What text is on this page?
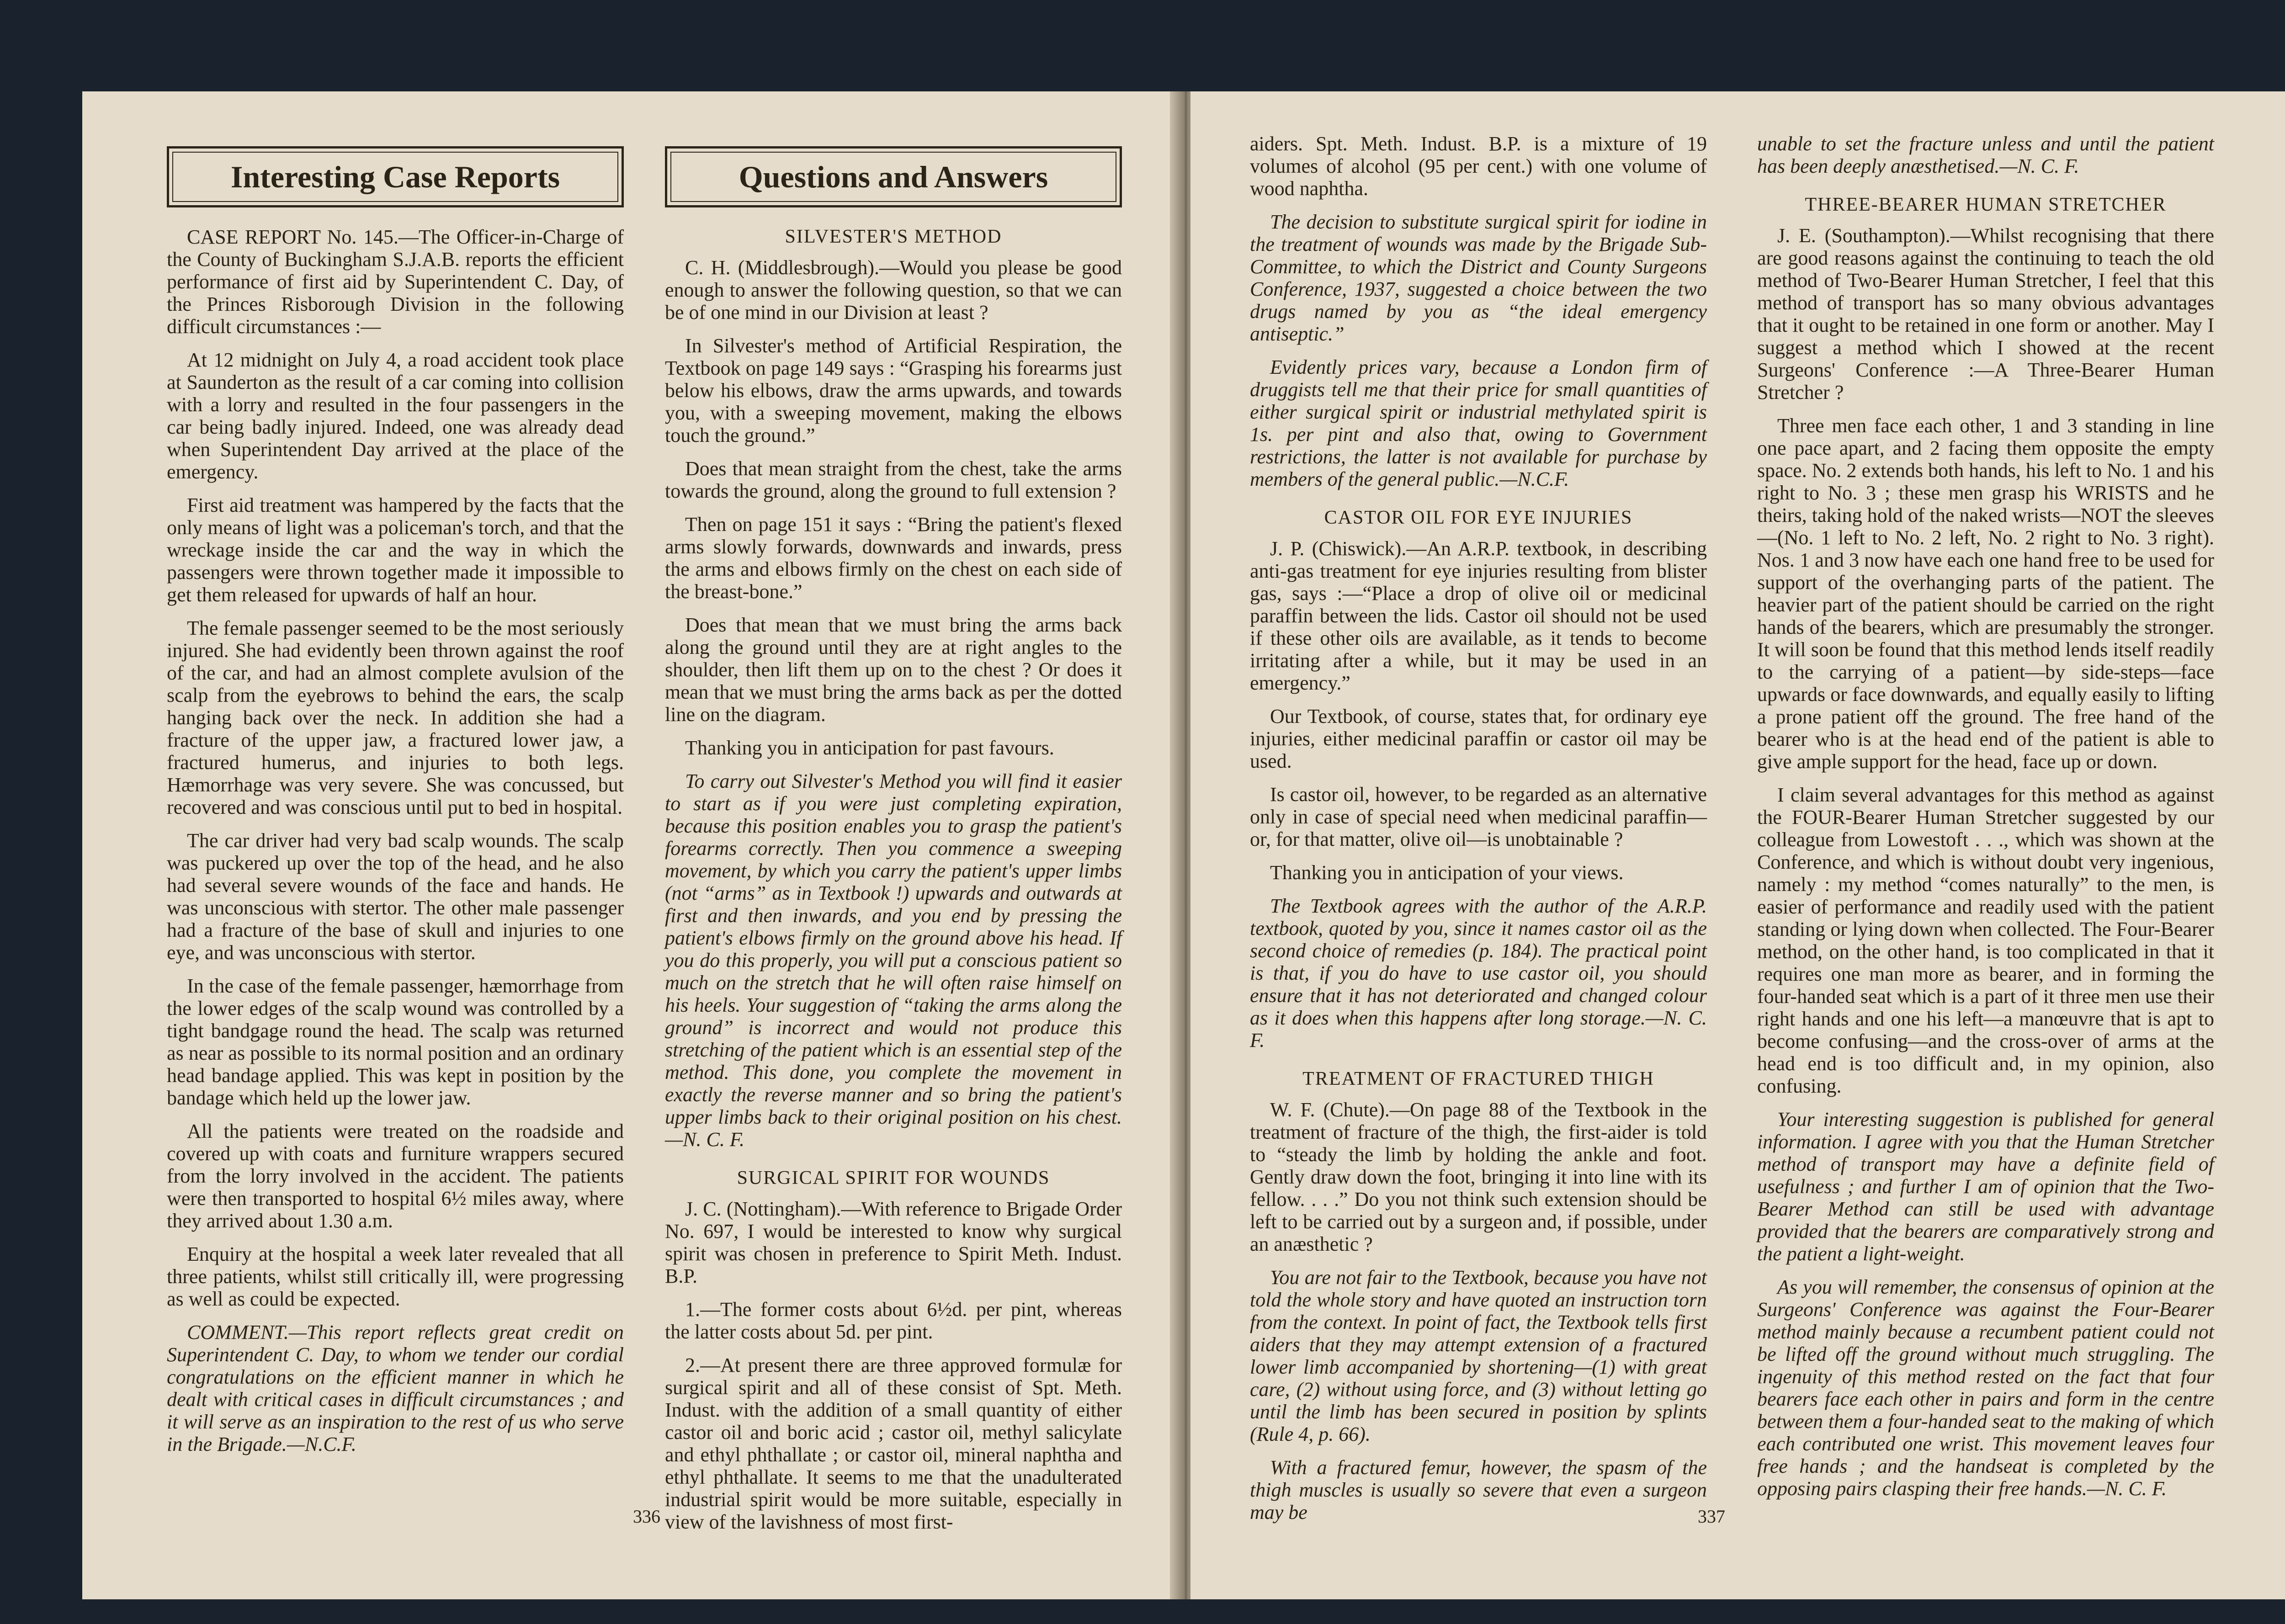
Interesting Case Reports

CASE REPORT No. 145.—The Officer-in-Charge of the County of Buckingham S.J.A.B. reports the efficient performance of first aid by Superintendent C. Day, of the Princes Risborough Division in the following difficult circumstances :—

At 12 midnight on July 4, a road accident took place at Saunderton as the result of a car coming into collision with a lorry and resulted in the four passengers in the car being badly injured. Indeed, one was already dead when Superintendent Day arrived at the place of the emergency.

First aid treatment was hampered by the facts that the only means of light was a policeman's torch, and that the wreckage inside the car and the way in which the passengers were thrown together made it impossible to get them released for upwards of half an hour.

The female passenger seemed to be the most seriously injured. She had evidently been thrown against the roof of the car, and had an almost complete avulsion of the scalp from the eyebrows to behind the ears, the scalp hanging back over the neck. In addition she had a fracture of the upper jaw, a fractured lower jaw, a fractured humerus, and injuries to both legs. Hæmorrhage was very severe. She was concussed, but recovered and was conscious until put to bed in hospital.

The car driver had very bad scalp wounds. The scalp was puckered up over the top of the head, and he also had several severe wounds of the face and hands. He was unconscious with stertor. The other male passenger had a fracture of the base of skull and injuries to one eye, and was unconscious with stertor.

In the case of the female passenger, hæmorrhage from the lower edges of the scalp wound was controlled by a tight bandgage round the head. The scalp was returned as near as possible to its normal position and an ordinary head bandage applied. This was kept in position by the bandage which held up the lower jaw.

All the patients were treated on the roadside and covered up with coats and furniture wrappers secured from the lorry involved in the accident. The patients were then transported to hospital 6½ miles away, where they arrived about 1.30 a.m.

Enquiry at the hospital a week later revealed that all three patients, whilst still critically ill, were progressing as well as could be expected.

COMMENT.—This report reflects great credit on Superintendent C. Day, to whom we tender our cordial congratulations on the efficient manner in which he dealt with critical cases in difficult circumstances ; and it will serve as an inspiration to the rest of us who serve in the Brigade.—N.C.F.

Questions and Answers
SILVESTER'S METHOD

C. H. (Middlesbrough).—Would you please be good enough to answer the following question, so that we can be of one mind in our Division at least ?

In Silvester's method of Artificial Respiration, the Textbook on page 149 says : “Grasping his forearms just below his elbows, draw the arms upwards, and towards you, with a sweeping movement, making the elbows touch the ground.”

Does that mean straight from the chest, take the arms towards the ground, along the ground to full extension ?

Then on page 151 it says : “Bring the patient's flexed arms slowly forwards, downwards and inwards, press the arms and elbows firmly on the chest on each side of the breast-bone.”

Does that mean that we must bring the arms back along the ground until they are at right angles to the shoulder, then lift them up on to the chest ? Or does it mean that we must bring the arms back as per the dotted line on the diagram.

Thanking you in anticipation for past favours.

To carry out Silvester's Method you will find it easier to start as if you were just completing expiration, because this position enables you to grasp the patient's forearms correctly. Then you commence a sweeping movement, by which you carry the patient's upper limbs (not “arms” as in Textbook !) upwards and outwards at first and then inwards, and you end by pressing the patient's elbows firmly on the ground above his head. If you do this properly, you will put a conscious patient so much on the stretch that he will often raise himself on his heels. Your suggestion of “taking the arms along the ground” is incorrect and would not produce this stretching of the patient which is an essential step of the method. This done, you complete the movement in exactly the reverse manner and so bring the patient's upper limbs back to their original position on his chest.—N. C. F.

SURGICAL SPIRIT FOR WOUNDS

J. C. (Nottingham).—With reference to Brigade Order No. 697, I would be interested to know why surgical spirit was chosen in preference to Spirit Meth. Indust. B.P.

1.—The former costs about 6½d. per pint, whereas the latter costs about 5d. per pint.

2.—At present there are three approved formulæ for surgical spirit and all of these consist of Spt. Meth. Indust. with the addition of a small quantity of either castor oil and boric acid ; castor oil, methyl salicylate and ethyl phthallate ; or castor oil, mineral naphtha and ethyl phthallate. It seems to me that the unadulterated industrial spirit would be more suitable, especially in view of the lavishness of most first-

336

aiders. Spt. Meth. Indust. B.P. is a mixture of 19 volumes of alcohol (95 per cent.) with one volume of wood naphtha.

The decision to substitute surgical spirit for iodine in the treatment of wounds was made by the Brigade Sub-Committee, to which the District and County Surgeons Conference, 1937, suggested a choice between the two drugs named by you as “the ideal emergency antiseptic.”

Evidently prices vary, because a London firm of druggists tell me that their price for small quantities of either surgical spirit or industrial methylated spirit is 1s. per pint and also that, owing to Government restrictions, the latter is not available for purchase by members of the general public.—N.C.F.

CASTOR OIL FOR EYE INJURIES

J. P. (Chiswick).—An A.R.P. textbook, in describing anti-gas treatment for eye injuries resulting from blister gas, says :—“Place a drop of olive oil or medicinal paraffin between the lids. Castor oil should not be used if these other oils are available, as it tends to become irritating after a while, but it may be used in an emergency.”

Our Textbook, of course, states that, for ordinary eye injuries, either medicinal paraffin or castor oil may be used.

Is castor oil, however, to be regarded as an alternative only in case of special need when medicinal paraffin—or, for that matter, olive oil—is unobtainable ?

Thanking you in anticipation of your views.

The Textbook agrees with the author of the A.R.P. textbook, quoted by you, since it names castor oil as the second choice of remedies (p. 184). The practical point is that, if you do have to use castor oil, you should ensure that it has not deteriorated and changed colour as it does when this happens after long storage.—N. C. F.

TREATMENT OF FRACTURED THIGH

W. F. (Chute).—On page 88 of the Textbook in the treatment of fracture of the thigh, the first-aider is told to “steady the limb by holding the ankle and foot. Gently draw down the foot, bringing it into line with its fellow. . . .” Do you not think such extension should be left to be carried out by a surgeon and, if possible, under an anæsthetic ?

You are not fair to the Textbook, because you have not told the whole story and have quoted an instruction torn from the context. In point of fact, the Textbook tells first aiders that they may attempt extension of a fractured lower limb accompanied by shortening—(1) with great care, (2) without using force, and (3) without letting go until the limb has been secured in position by splints (Rule 4, p. 66).

With a fractured femur, however, the spasm of the thigh muscles is usually so severe that even a surgeon may be

unable to set the fracture unless and until the patient has been deeply anæsthetised.—N. C. F.

THREE-BEARER HUMAN STRETCHER

J. E. (Southampton).—Whilst recognising that there are good reasons against the continuing to teach the old method of Two-Bearer Human Stretcher, I feel that this method of transport has so many obvious advantages that it ought to be retained in one form or another. May I suggest a method which I showed at the recent Surgeons' Conference :—A Three-Bearer Human Stretcher ?

Three men face each other, 1 and 3 standing in line one pace apart, and 2 facing them opposite the empty space. No. 2 extends both hands, his left to No. 1 and his right to No. 3 ; these men grasp his WRISTS and he theirs, taking hold of the naked wrists—NOT the sleeves—(No. 1 left to No. 2 left, No. 2 right to No. 3 right). Nos. 1 and 3 now have each one hand free to be used for support of the overhanging parts of the patient. The heavier part of the patient should be carried on the right hands of the bearers, which are presumably the stronger. It will soon be found that this method lends itself readily to the carrying of a patient—by side-steps—face upwards or face downwards, and equally easily to lifting a prone patient off the ground. The free hand of the bearer who is at the head end of the patient is able to give ample support for the head, face up or down.

I claim several advantages for this method as against the FOUR-Bearer Human Stretcher suggested by our colleague from Lowestoft . . ., which was shown at the Conference, and which is without doubt very ingenious, namely : my method “comes naturally” to the men, is easier of performance and readily used with the patient standing or lying down when collected. The Four-Bearer method, on the other hand, is too complicated in that it requires one man more as bearer, and in forming the four-handed seat which is a part of it three men use their right hands and one his left—a manœuvre that is apt to become confusing—and the cross-over of arms at the head end is too difficult and, in my opinion, also confusing.

Your interesting suggestion is published for general information. I agree with you that the Human Stretcher method of transport may have a definite field of usefulness ; and further I am of opinion that the Two-Bearer Method can still be used with advantage provided that the bearers are comparatively strong and the patient a light-weight.

As you will remember, the consensus of opinion at the Surgeons' Conference was against the Four-Bearer method mainly because a recumbent patient could not be lifted off the ground without much struggling. The ingenuity of this method rested on the fact that four bearers face each other in pairs and form in the centre between them a four-handed seat to the making of which each contributed one wrist. This movement leaves four free hands ; and the handseat is completed by the opposing pairs clasping their free hands.—N. C. F.

337
